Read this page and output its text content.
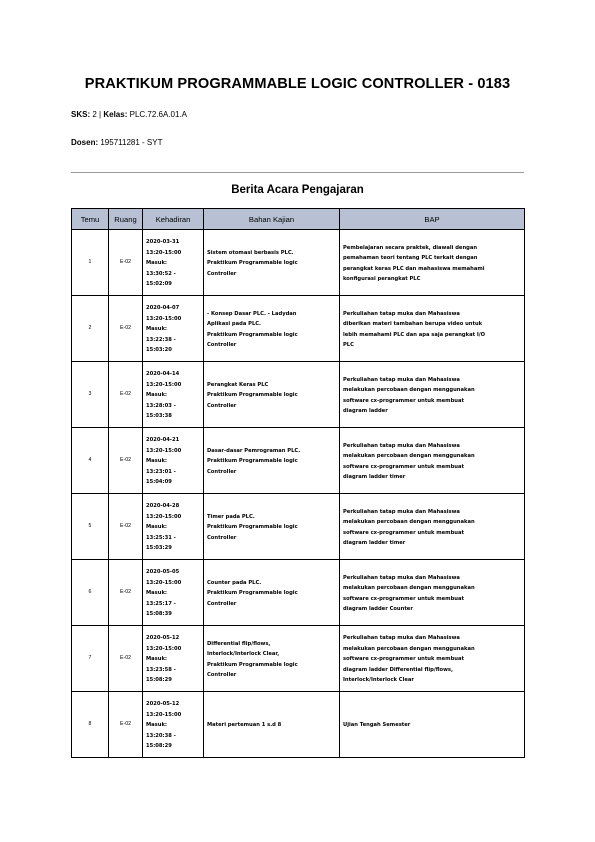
PRAKTIKUM PROGRAMMABLE LOGIC CONTROLLER - 0183
SKS: 2 | Kelas: PLC.72.6A.01.A
Dosen: 195711281 - SYT
Berita Acara Pengajaran
Temu	Ruang	Kehadiran	Bahan Kajian	BAP
1	E-02	2020-03-31
13:20-15:00
Masuk:
13:30:52 -
15:02:09	Sistem otomasi berbasis PLC.
Praktikum Programmable logic
Controller	Pembelajaran secara praktek, diawali dengan
pemahaman teori tentang PLC terkait dengan
perangkat keras PLC dan mahasiswa memahami
konfigurasi perangkat PLC

2	E-02	2020-04-07
13:20-15:00
Masuk:
13:22:38 -
15:03:20	- Konsep Dasar PLC. - Ladydan
Aplikasi pada PLC.
Praktikum Programmable logic
Controller	Perkuliahan tatap muka dan Mahasiswa
diberikan materi tambahan berupa video untuk
lebih memahami PLC dan apa saja perangkat I/O
PLC

3	E-02	2020-04-14
13:20-15:00
Masuk:
13:28:03 -
15:03:38	Perangkat Keras PLC
Praktikum Programmable logic
Controller	Perkuliahan tatap muka dan Mahasiswa
melakukan percobaan dengan menggunakan
software cx-programmer untuk membuat
diagram ladder

4	E-02	2020-04-21
13:20-15:00
Masuk:
13:23:01 -
15:04:09	Dasar-dasar Pemrograman PLC.
Praktikum Programmable logic
Controller	Perkuliahan tatap muka dan Mahasiswa
melakukan percobaan dengan menggunakan
software cx-programmer untuk membuat
diagram ladder timer

5	E-02	2020-04-28
13:20-15:00
Masuk:
13:25:31 -
15:03:29	Timer pada PLC.
Praktikum Programmable logic
Controller	Perkuliahan tatap muka dan Mahasiswa
melakukan percobaan dengan menggunakan
software cx-programmer untuk membuat
diagram ladder timer

6	E-02	2020-05-05
13:20-15:00
Masuk:
13:25:17 -
15:08:39	Counter pada PLC.
Praktikum Programmable logic
Controller	Perkuliahan tatap muka dan Mahasiswa
melakukan percobaan dengan menggunakan
software cx-programmer untuk membuat
diagram ladder Counter

7	E-02	2020-05-12
13:20-15:00
Masuk:
13:23:58 -
15:08:29	Differential flip/flows,
Interlock/Interlock Clear,
Praktikum Programmable logic
Controller	Perkuliahan tatap muka dan Mahasiswa
melakukan percobaan dengan menggunakan
software cx-programmer untuk membuat
diagram ladder Differential flip/flows,
Interlock/Interlock Clear

8	E-02	2020-05-12
13:20-15:00
Masuk:
13:20:38 -
15:08:29	Materi pertemuan 1 s.d 8	Ujian Tengah Semester
